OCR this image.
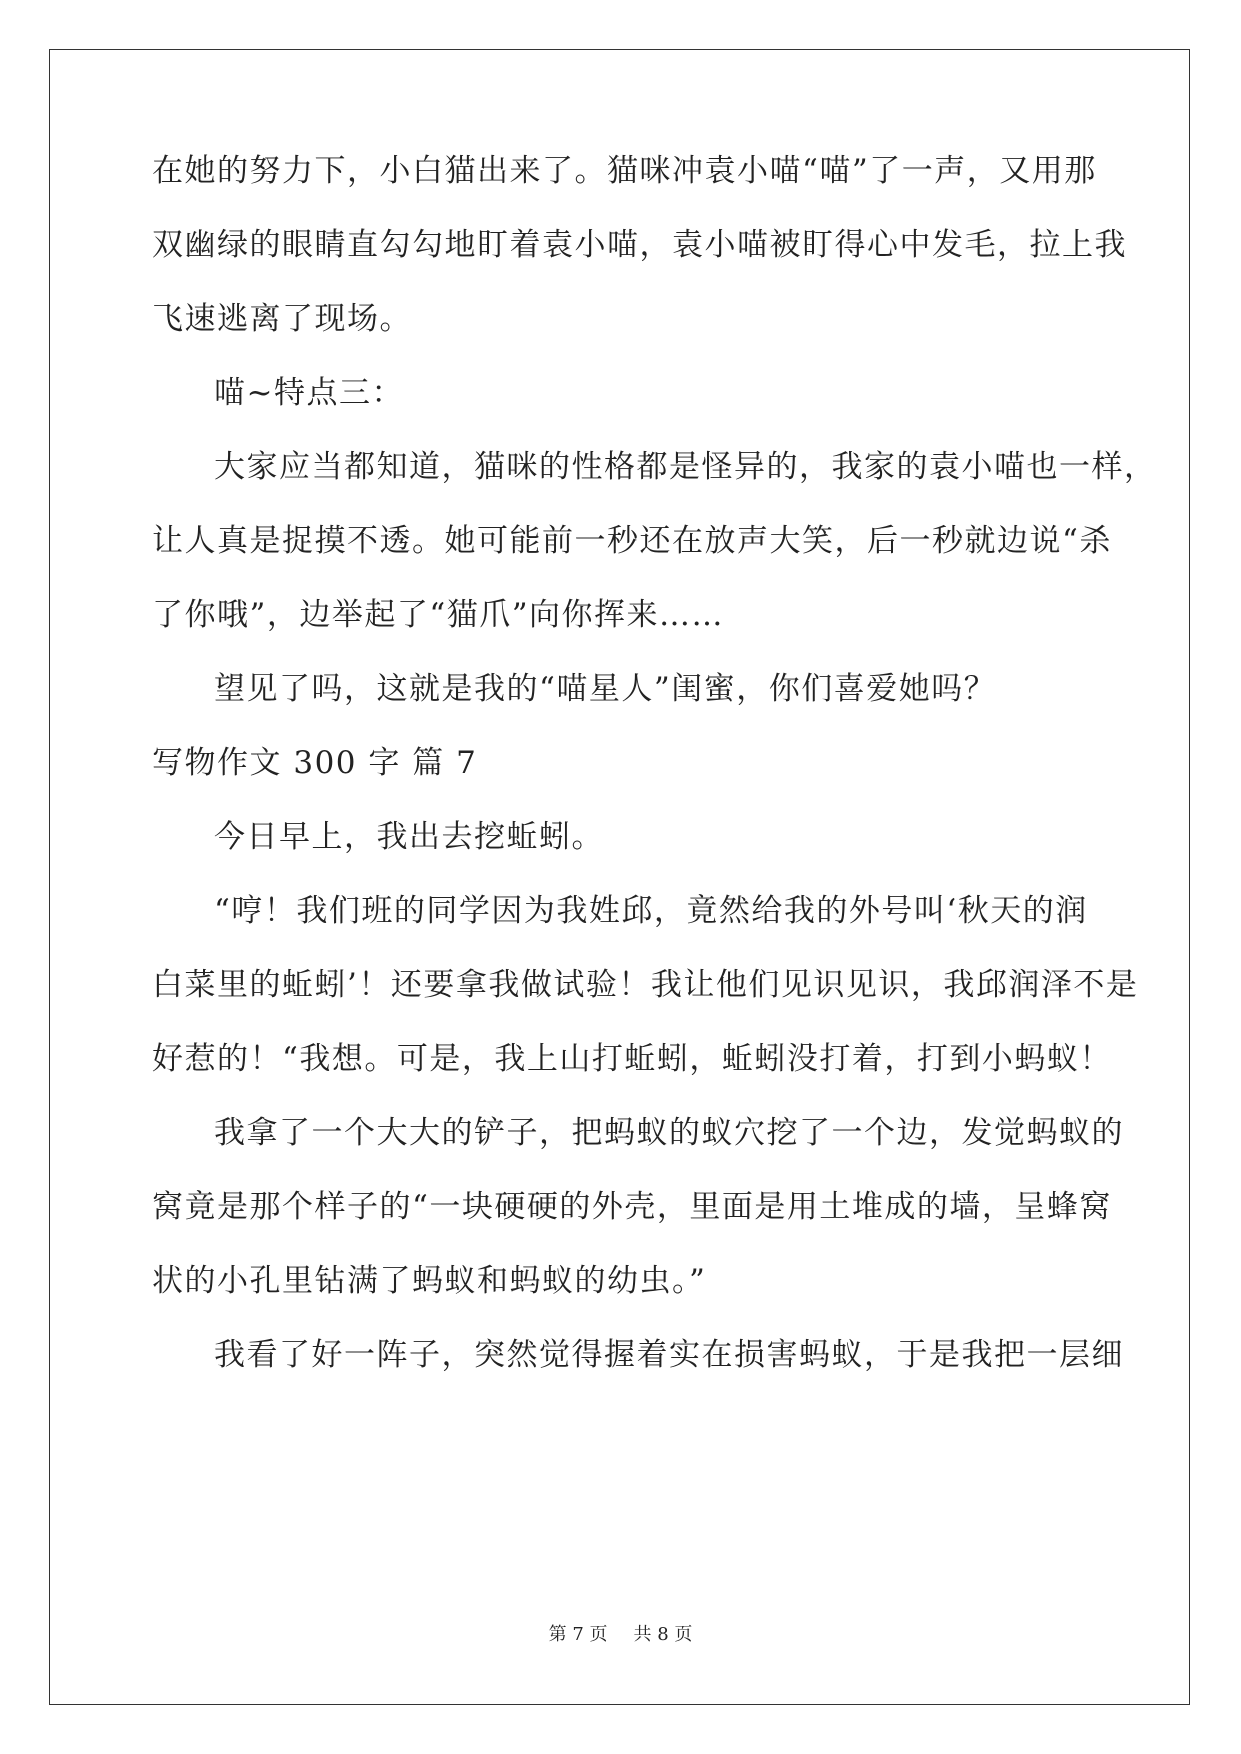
在她的努力下，小白猫出来了。猫咪冲袁小喵“喵”了一声，又用那
双幽绿的眼睛直勾勾地盯着袁小喵，袁小喵被盯得心中发毛，拉上我
飞速逃离了现场。
喵~特点三：
大家应当都知道，猫咪的性格都是怪异的，我家的袁小喵也一样，
让人真是捉摸不透。她可能前一秒还在放声大笑，后一秒就边说“杀
了你哦”，边举起了“猫爪”向你挥来……
望见了吗，这就是我的“喵星人”闺蜜，你们喜爱她吗？
写物作文 300 字 篇 7
今日早上，我出去挖蚯蚓。
“哼！我们班的同学因为我姓邱，竟然给我的外号叫‘秋天的润
白菜里的蚯蚓’！还要拿我做试验！我让他们见识见识，我邱润泽不是
好惹的！“我想。可是，我上山打蚯蚓，蚯蚓没打着，打到小蚂蚁！
我拿了一个大大的铲子，把蚂蚁的蚁穴挖了一个边，发觉蚂蚁的
窝竟是那个样子的“一块硬硬的外壳，里面是用土堆成的墙，呈蜂窝
状的小孔里钻满了蚂蚁和蚂蚁的幼虫。”
我看了好一阵子，突然觉得握着实在损害蚂蚁，于是我把一层细
第 7 页 共 8 页
